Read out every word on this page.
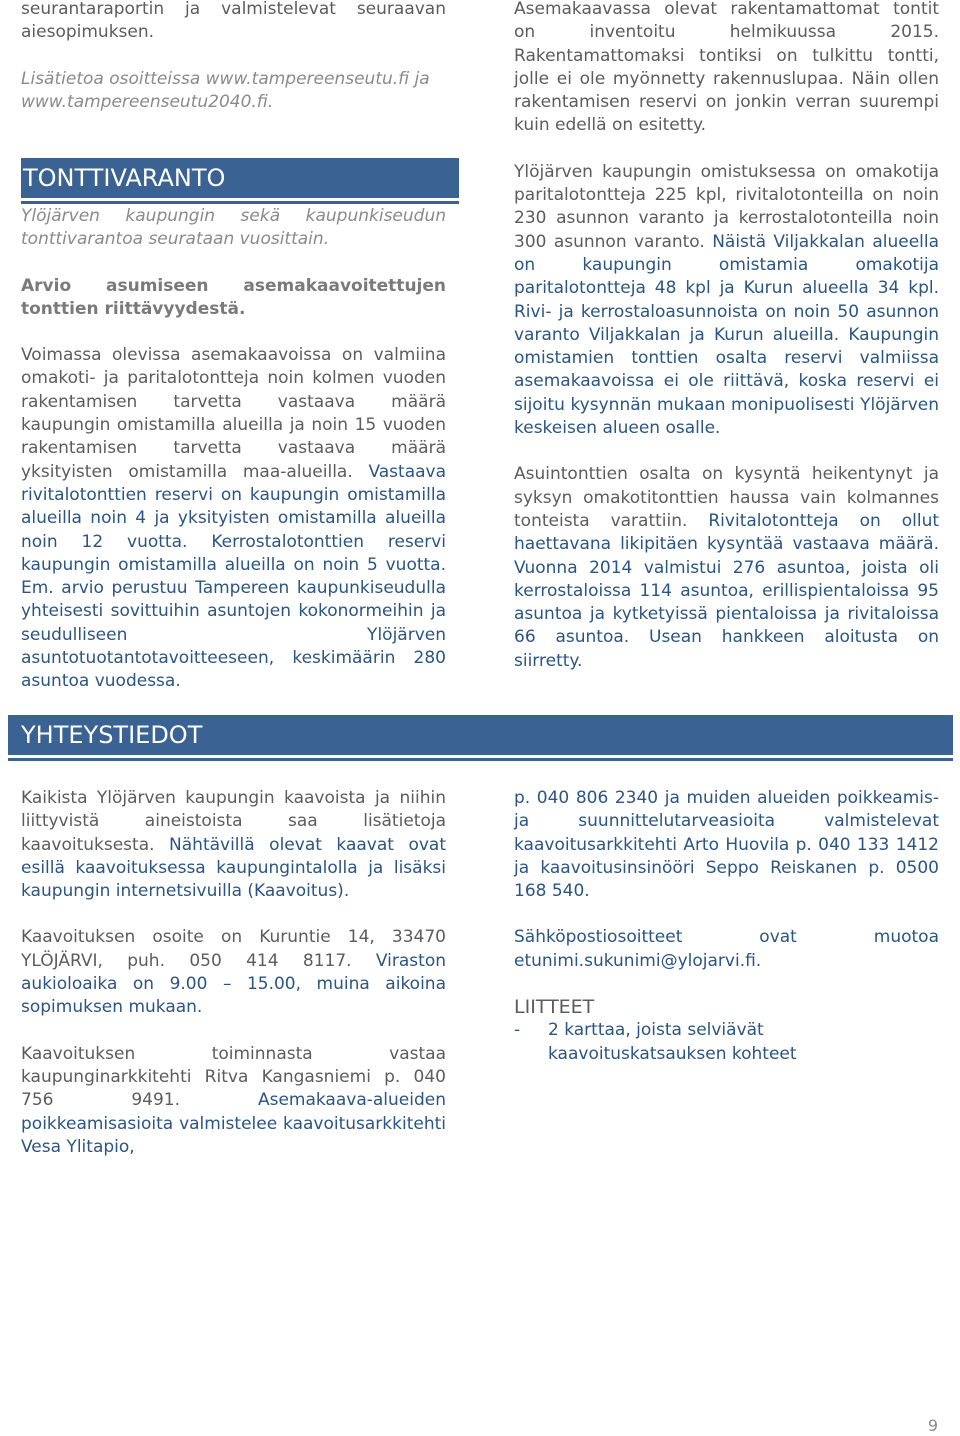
seurantaraportin ja valmistelevat seuraavan aiesopimuksen.

Lisätietoa osoitteissa www.tampereenseutu.fi ja

www.tampereenseutu2040.fi.

TONTTIVARANTO

Ylöjärven kaupungin sekä kaupunkiseudun tonttivarantoa seurataan vuosittain.

Arvio asumiseen asemakaavoitettujen tonttien riittävyydestä.

Voimassa olevissa asemakaavoissa on valmiina omakoti- ja paritalotontteja noin kolmen vuoden rakentamisen tarvetta vastaava määrä kaupungin omistamilla alueilla ja noin 15 vuoden rakentamisen tarvetta vastaava määrä yksityisten omistamilla maa-alueilla. Vastaava rivitalotonttien reservi on kaupungin omistamilla alueilla noin 4 ja yksityisten omistamilla alueilla noin 12 vuotta. Kerrostalotonttien reservi kaupungin omistamilla alueilla on noin 5 vuotta. Em. arvio perustuu Tampereen kaupunkiseudulla yhteisesti sovittuihin asuntojen kokonormeihin ja seudulliseen Ylöjärven asuntotuotantotavoitteeseen, keskimäärin 280 asuntoa vuodessa.

Asemakaavassa olevat rakentamattomat tontit on inventoitu helmikuussa 2015. Rakentamattomaksi tontiksi on tulkittu tontti, jolle ei ole myönnetty rakennuslupaa. Näin ollen rakentamisen reservi on jonkin verran suurempi kuin edellä on esitetty.

Ylöjärven kaupungin omistuksessa on omakotija paritalotontteja 225 kpl, rivitalotonteilla on noin 230 asunnon varanto ja kerrostalotonteilla noin 300 asunnon varanto. Näistä Viljakkalan alueella on kaupungin omistamia omakotija paritalotontteja 48 kpl ja Kurun alueella 34 kpl. Rivi- ja kerrostaloasunnoista on noin 50 asunnon varanto Viljakkalan ja Kurun alueilla. Kaupungin omistamien tonttien osalta reservi valmiissa asemakaavoissa ei ole riittävä, koska reservi ei sijoitu kysynnän mukaan monipuolisesti Ylöjärven keskeisen alueen osalle.

Asuintonttien osalta on kysyntä heikentynyt ja syksyn omakotitonttien haussa vain kolmannes tonteista varattiin. Rivitalotontteja on ollut haettavana likipitäen kysyntää vastaava määrä. Vuonna 2014 valmistui 276 asuntoa, joista oli kerrostaloissa 114 asuntoa, erillispientaloissa 95 asuntoa ja kytketyissä pientaloissa ja rivitaloissa 66 asuntoa. Usean hankkeen aloitusta on siirretty.

YHTEYSTIEDOT

Kaikista Ylöjärven kaupungin kaavoista ja niihin liittyvistä aineistoista saa lisätietoja kaavoituksesta. Nähtävillä olevat kaavat ovat esillä kaavoituksessa kaupungintalolla ja lisäksi kaupungin internetsivuilla (Kaavoitus).

Kaavoituksen osoite on Kuruntie 14, 33470 YLÖJÄRVI, puh. 050 414 8117. Viraston aukioloaika on 9.00 – 15.00, muina aikoina sopimuksen mukaan.

Kaavoituksen toiminnasta vastaa kaupunginarkkitehti Ritva Kangasniemi p. 040 756 9491.	Asemakaava-alueiden poikkeamisasioita valmistelee kaavoitusarkkitehti Vesa Ylitapio,

p. 040 806 2340 ja muiden alueiden poikkeamis- ja suunnittelutarveasioita valmistelevat kaavoitusarkkitehti Arto Huovila p. 040 133 1412 ja kaavoitusinsinööri Seppo Reiskanen p. 0500 168 540.

Sähköpostiosoitteet ovat muotoa etunimi.sukunimi@ylojarvi.fi.

LIITTEET

-	2 karttaa, joista selviävät kaavoituskatsauksen kohteet
9
